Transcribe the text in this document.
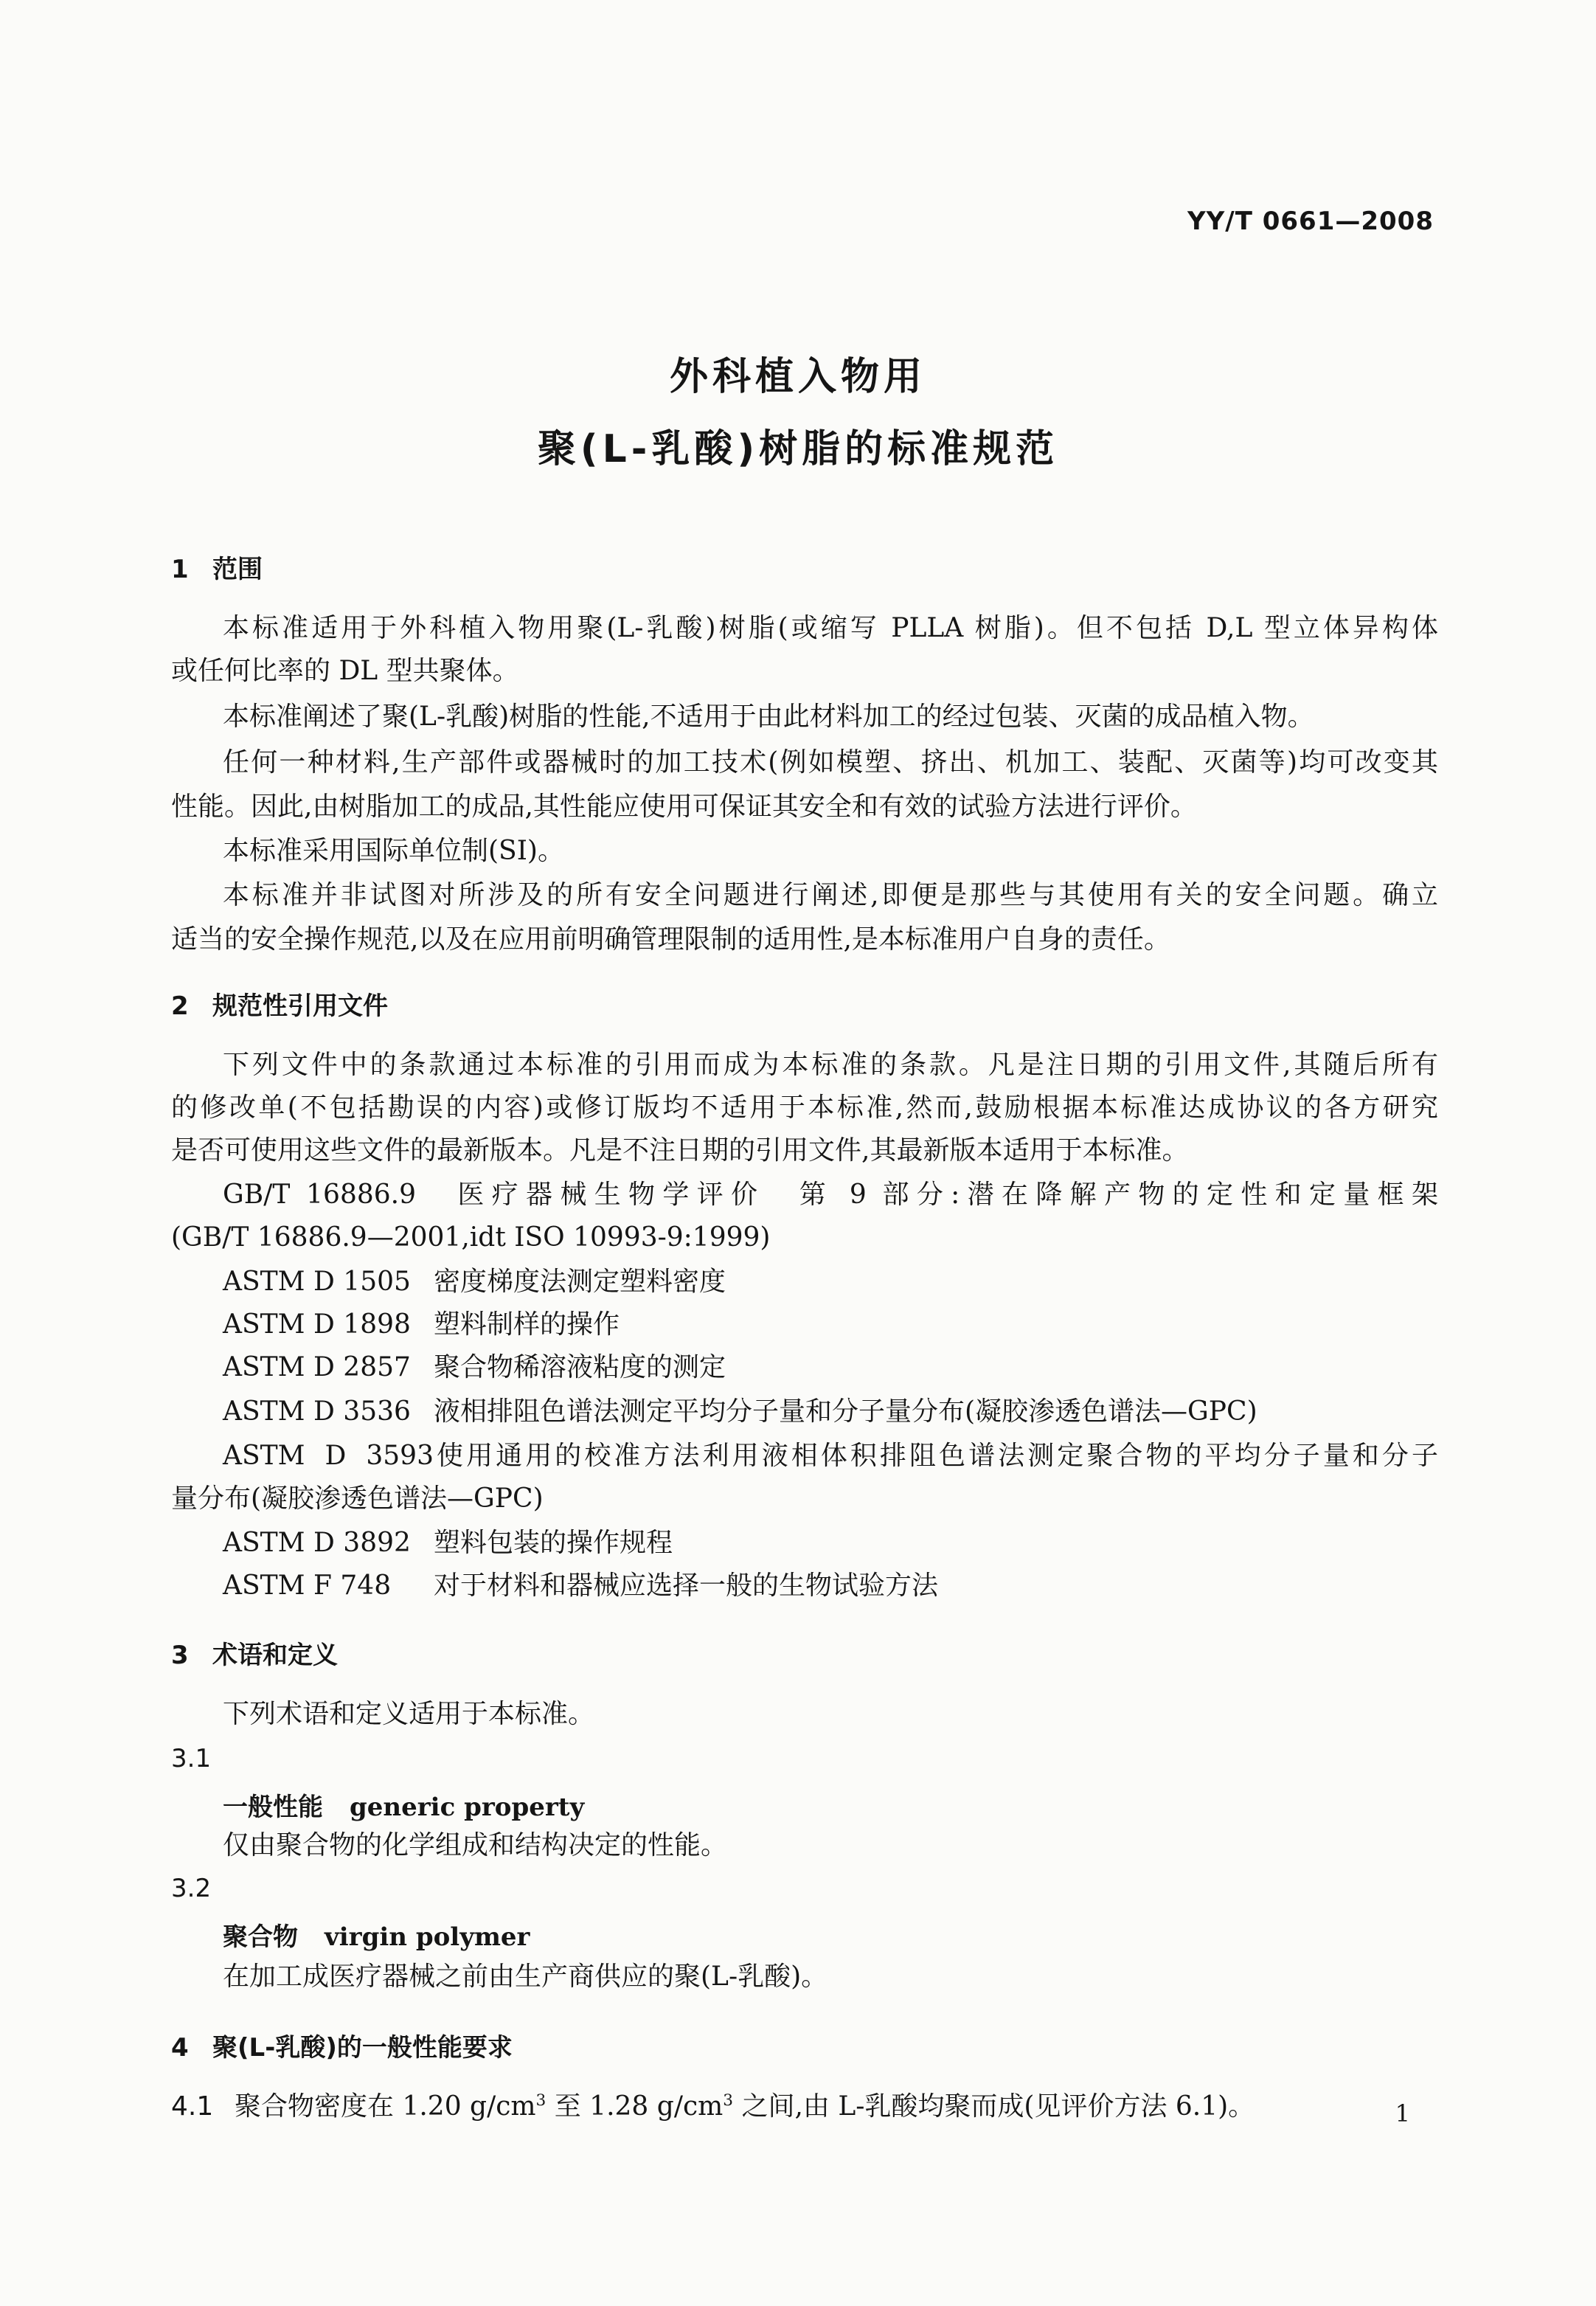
YY/T 0661—2008
外科植入物用
聚(L-乳酸)树脂的标准规范
1 范围
本标准适用于外科植入物用聚(L-乳酸)树脂(或缩写 PLLA 树脂)。但不包括 D,L 型立体异构体
或任何比率的 DL 型共聚体。
本标准阐述了聚(L-乳酸)树脂的性能,不适用于由此材料加工的经过包装、灭菌的成品植入物。
任何一种材料,生产部件或器械时的加工技术(例如模塑、挤出、机加工、装配、灭菌等)均可改变其
性能。因此,由树脂加工的成品,其性能应使用可保证其安全和有效的试验方法进行评价。
本标准采用国际单位制(SI)。
本标准并非试图对所涉及的所有安全问题进行阐述,即便是那些与其使用有关的安全问题。确立
适当的安全操作规范,以及在应用前明确管理限制的适用性,是本标准用户自身的责任。
2 规范性引用文件
下列文件中的条款通过本标准的引用而成为本标准的条款。凡是注日期的引用文件,其随后所有
的修改单(不包括勘误的内容)或修订版均不适用于本标准,然而,鼓励根据本标准达成协议的各方研究
是否可使用这些文件的最新版本。凡是不注日期的引用文件,其最新版本适用于本标准。
GB/T 16886.9 医疗器械生物学评价　第 9 部分:潜在降解产物的定性和定量框架
(GB/T 16886.9—2001,idt ISO 10993-9:1999)
ASTM D 1505 密度梯度法测定塑料密度
ASTM D 1898 塑料制样的操作
ASTM D 2857 聚合物稀溶液粘度的测定
ASTM D 3536 液相排阻色谱法测定平均分子量和分子量分布(凝胶渗透色谱法—GPC)
ASTM D 3593使用通用的校准方法利用液相体积排阻色谱法测定聚合物的平均分子量和分子
量分布(凝胶渗透色谱法—GPC)
ASTM D 3892 塑料包装的操作规程
ASTM F 748 对于材料和器械应选择一般的生物试验方法
3 术语和定义
下列术语和定义适用于本标准。
3.1
一般性能 generic property
仅由聚合物的化学组成和结构决定的性能。
3.2
聚合物 virgin polymer
在加工成医疗器械之前由生产商供应的聚(L-乳酸)。
4 聚(L-乳酸)的一般性能要求
4.1 聚合物密度在 1.20 $g/cm^3$ 至 1.28 $g/cm^3$ 之间,由 L-乳酸均聚而成(见评价方法 6.1)。	1
